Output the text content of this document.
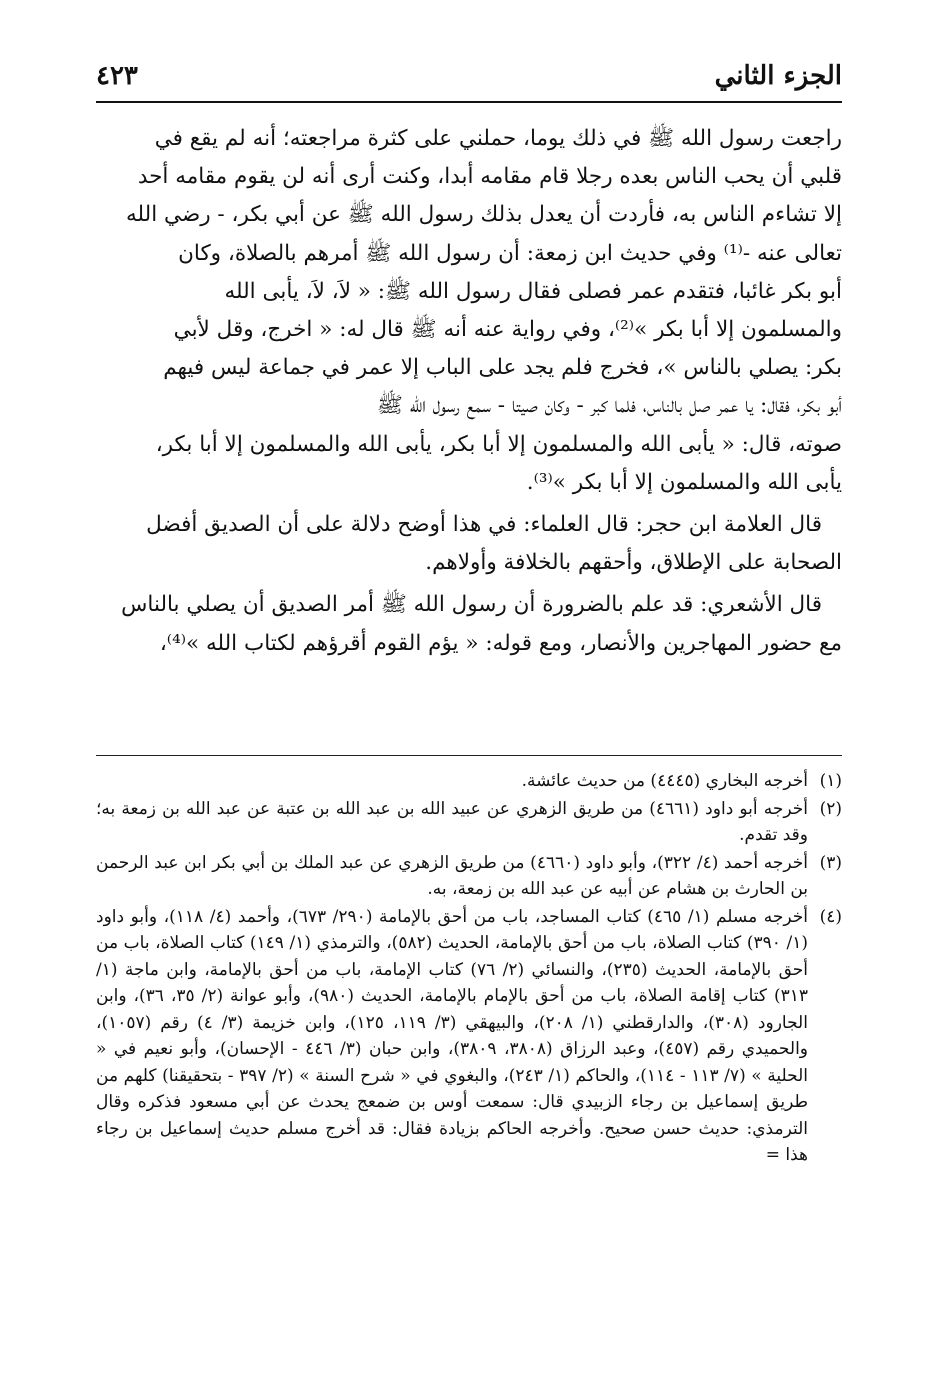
الجزء الثاني
٤٢٣

راجعت رسول الله ﷺ في ذلك يوما، حملني على كثرة مراجعته؛ أنه لم يقع في

قلبي أن يحب الناس بعده رجلا قام مقامه أبدا، وكنت أرى أنه لن يقوم مقامه أحد

إلا تشاءم الناس به، فأردت أن يعدل بذلك رسول الله ﷺ عن أبي بكر، - رضي الله

تعالى عنه -⁽¹⁾ وفي حديث ابن زمعة: أن رسول الله ﷺ أمرهم بالصلاة، وكان

أبو بكر غائبا، فتقدم عمر فصلى فقال رسول الله ﷺ: « لاَ، لاَ، يأبى الله

والمسلمون إلا أبا بكر »⁽²⁾، وفي رواية عنه أنه ﷺ قال له: « اخرج، وقل لأبي

بكر: يصلي بالناس »، فخرج فلم يجد على الباب إلا عمر في جماعة ليس فيهم

أبو بكر، فقال: يا عمر صل بالناس، فلما كبر - وكان صيتا - سمع رسول الله ﷺ

صوته، قال: « يأبى الله والمسلمون إلا أبا بكر، يأبى الله والمسلمون إلا أبا بكر،

يأبى الله والمسلمون إلا أبا بكر »⁽³⁾.

قال العلامة ابن حجر: قال العلماء: في هذا أوضح دلالة على أن الصديق أفضل

الصحابة على الإطلاق، وأحقهم بالخلافة وأولاهم.

قال الأشعري: قد علم بالضرورة أن رسول الله ﷺ أمر الصديق أن يصلي بالناس

مع حضور المهاجرين والأنصار، ومع قوله: « يؤم القوم أقرؤهم لكتاب الله »⁽⁴⁾،

(١)
أخرجه البخاري (٤٤٤٥) من حديث عائشة.
(٢)
أخرجه أبو داود (٤٦٦١) من طريق الزهري عن عبيد الله بن عبد الله بن عتبة عن عبد الله بن زمعة به؛ وقد تقدم.
(٣)
أخرجه أحمد (٤/ ٣٢٢)، وأبو داود (٤٦٦٠) من طريق الزهري عن عبد الملك بن أبي بكر ابن عبد الرحمن بن الحارث بن هشام عن أبيه عن عبد الله بن زمعة، به.
(٤)
أخرجه مسلم (١/ ٤٦٥) كتاب المساجد، باب من أحق بالإمامة (٢٩٠/ ٦٧٣)، وأحمد (٤/ ١١٨)، وأبو داود (١/ ٣٩٠) كتاب الصلاة، باب من أحق بالإمامة، الحديث (٥٨٢)، والترمذي (١/ ١٤٩) كتاب الصلاة، باب من أحق بالإمامة، الحديث (٢٣٥)، والنسائي (٢/ ٧٦) كتاب الإمامة، باب من أحق بالإمامة، وابن ماجة (١/ ٣١٣) كتاب إقامة الصلاة، باب من أحق بالإمام بالإمامة، الحديث (٩٨٠)، وأبو عوانة (٢/ ٣٥، ٣٦)، وابن الجارود (٣٠٨)، والدارقطني (١/ ٢٠٨)، والبيهقي (٣/ ١١٩، ١٢٥)، وابن خزيمة (٣/ ٤) رقم (١٠٥٧)، والحميدي رقم (٤٥٧)، وعبد الرزاق (٣٨٠٨، ٣٨٠٩)، وابن حبان (٣/ ٤٤٦ - الإحسان)، وأبو نعيم في « الحلية » (٧/ ١١٣ - ١١٤)، والحاكم (١/ ٢٤٣)، والبغوي في « شرح السنة » (٢/ ٣٩٧ - بتحقيقنا) كلهم من طريق إسماعيل بن رجاء الزبيدي قال: سمعت أوس بن ضمعج يحدث عن أبي مسعود فذكره وقال الترمذي: حديث حسن صحيح. وأخرجه الحاكم بزيادة فقال: قد أخرج مسلم حديث إسماعيل بن رجاء هذا =
